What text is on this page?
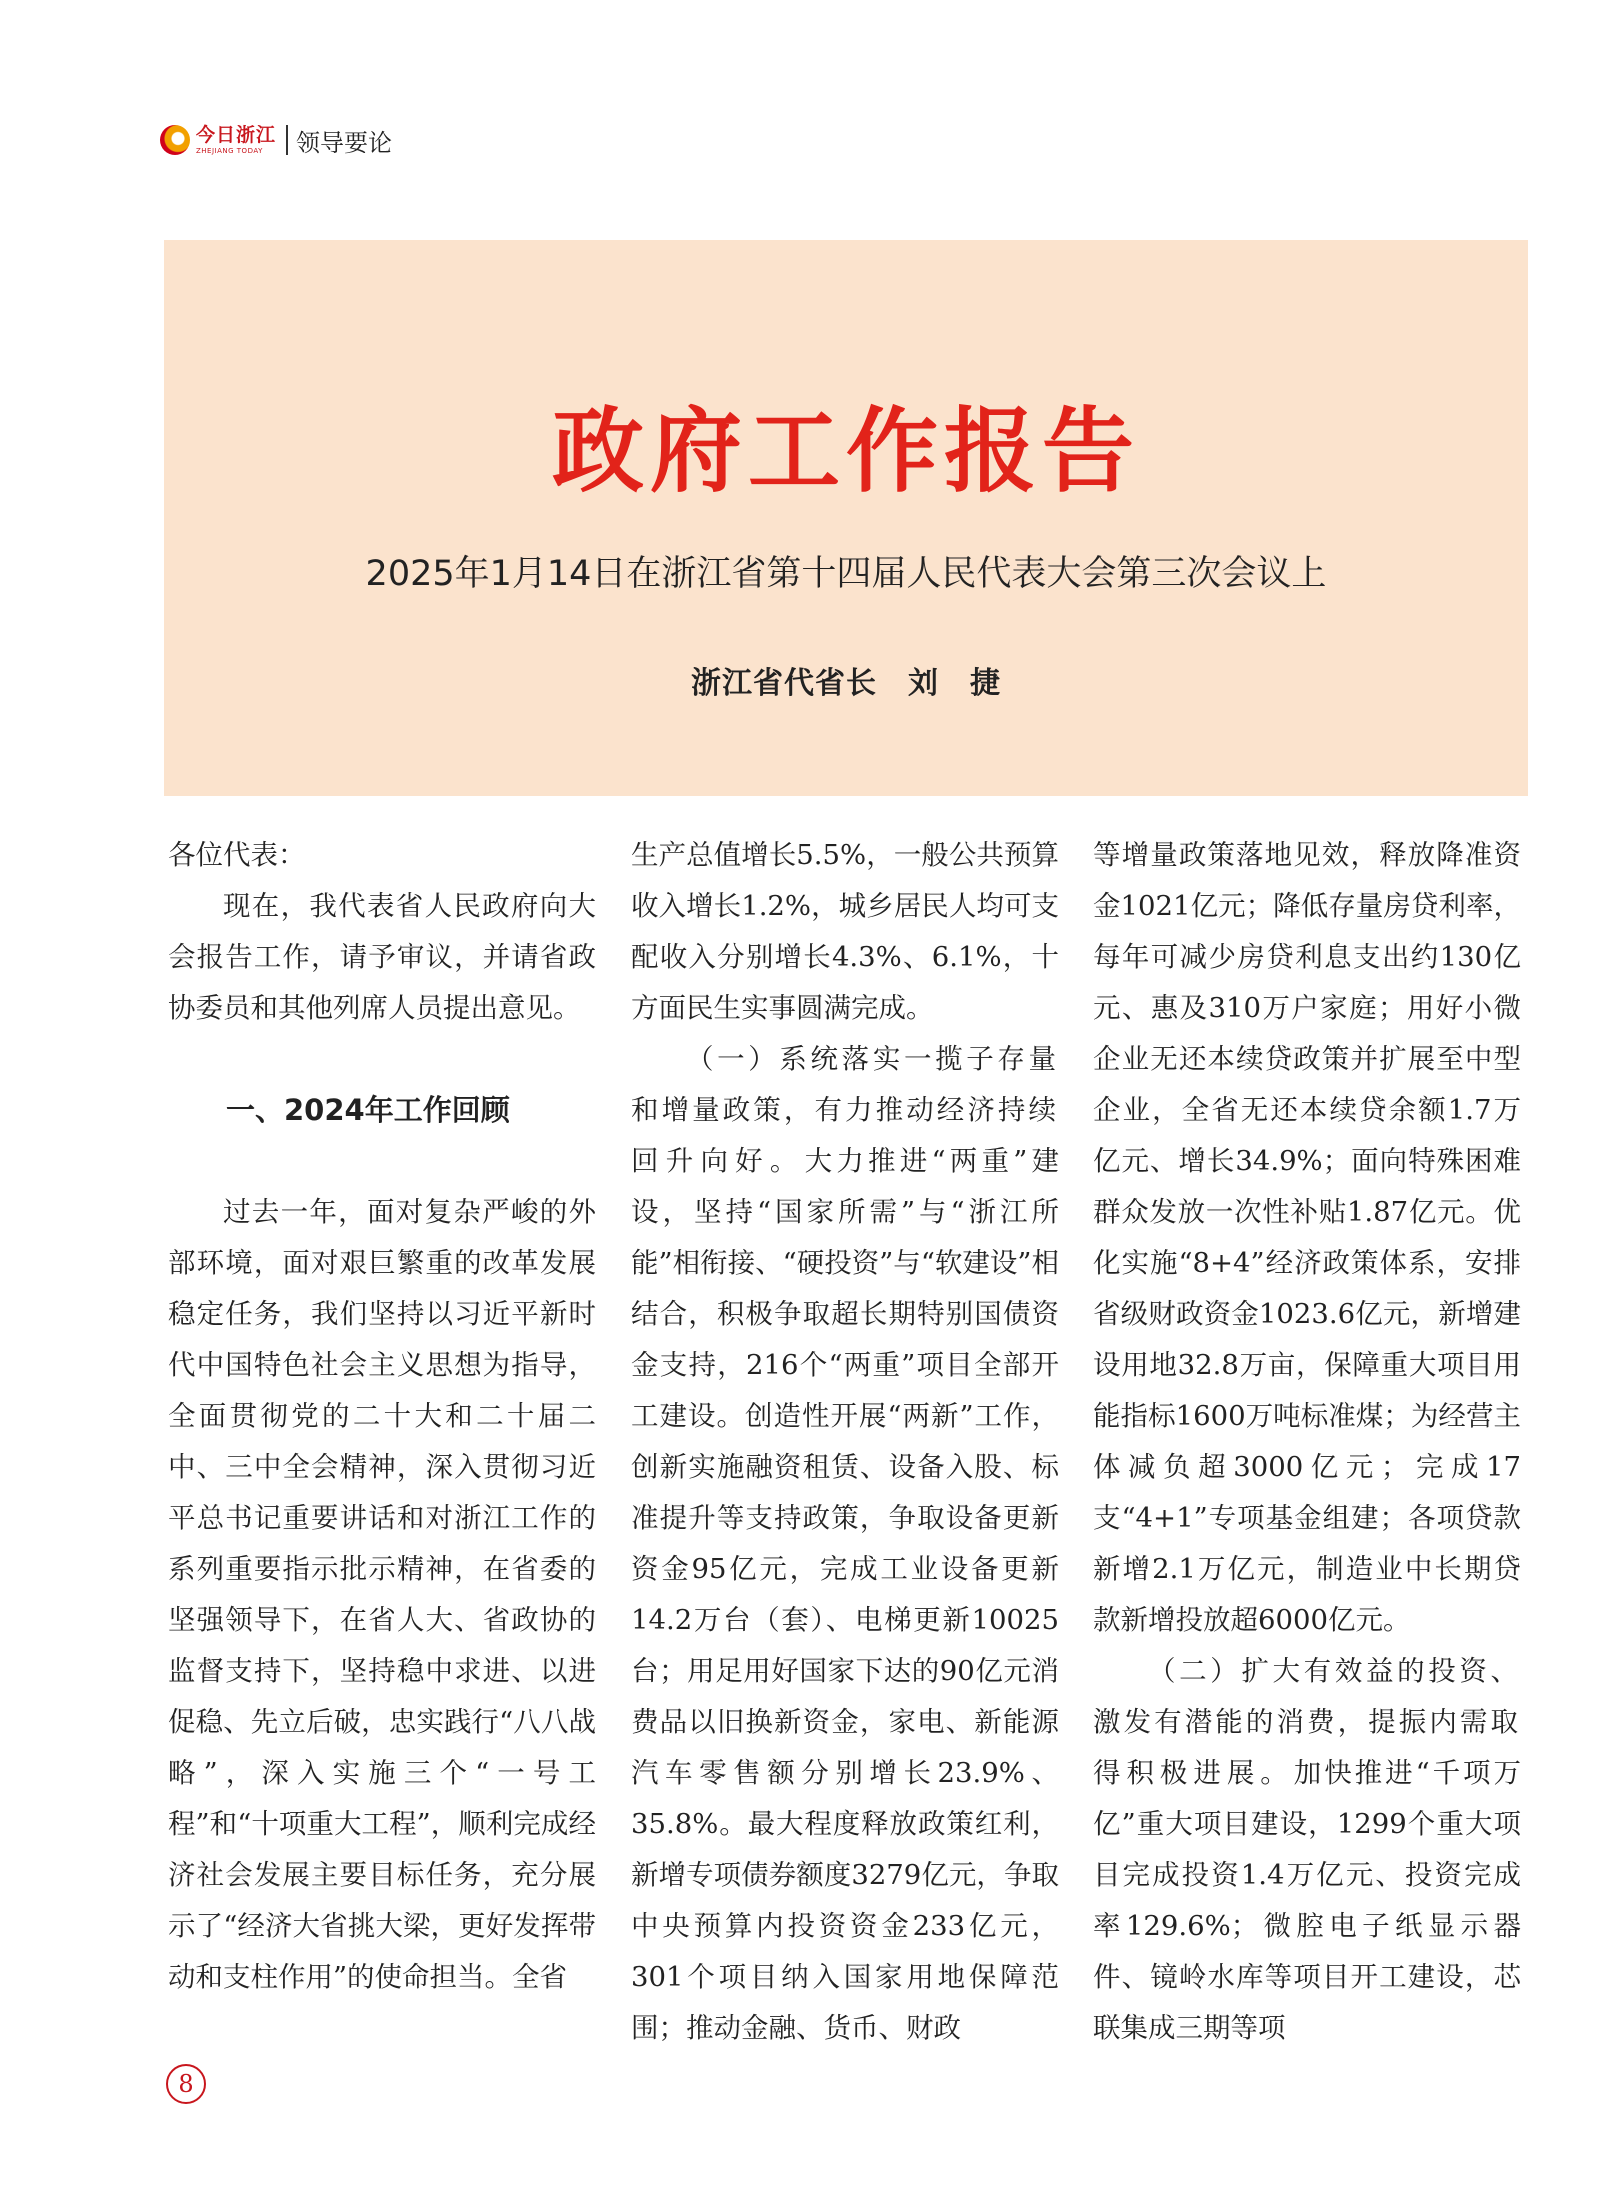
今日浙江
ZHEJIANG TODAY	领导要论
政府工作报告
2025年1月14日在浙江省第十四届人民代表大会第三次会议上
浙江省代省长　刘　捷

各位代表：

现在，我代表省人民政府向大会报告工作，请予审议，并请省政协委员和其他列席人员提出意见。

一、2024年工作回顾

过去一年，面对复杂严峻的外部环境，面对艰巨繁重的改革发展稳定任务，我们坚持以习近平新时代中国特色社会主义思想为指导，全面贯彻党的二十大和二十届二中、三中全会精神，深入贯彻习近平总书记重要讲话和对浙江工作的系列重要指示批示精神，在省委的坚强领导下，在省人大、省政协的监督支持下，坚持稳中求进、以进促稳、先立后破，忠实践行“八八战略”，深入实施三个“一号工程”和“十项重大工程”，顺利完成经济社会发展主要目标任务，充分展示了“经济大省挑大梁，更好发挥带动和支柱作用”的使命担当。全省

生产总值增长5.5%，一般公共预算收入增长1.2%，城乡居民人均可支配收入分别增长4.3%、6.1%，十方面民生实事圆满完成。

（一）系统落实一揽子存量和增量政策，有力推动经济持续回升向好。大力推进“两重”建设，坚持“国家所需”与“浙江所能”相衔接、“硬投资”与“软建设”相结合，积极争取超长期特别国债资金支持，216个“两重”项目全部开工建设。创造性开展“两新”工作，创新实施融资租赁、设备入股、标准提升等支持政策，争取设备更新资金95亿元，完成工业设备更新14.2万台（套）、电梯更新10025台；用足用好国家下达的90亿元消费品以旧换新资金，家电、新能源汽车零售额分别增长23.9%、35.8%。最大程度释放政策红利，新增专项债券额度3279亿元，争取中央预算内投资资金233亿元，301个项目纳入国家用地保障范围；推动金融、货币、财政

等增量政策落地见效，释放降准资金1021亿元；降低存量房贷利率，每年可减少房贷利息支出约130亿元、惠及310万户家庭；用好小微企业无还本续贷政策并扩展至中型企业，全省无还本续贷余额1.7万亿元、增长34.9%；面向特殊困难群众发放一次性补贴1.87亿元。优化实施“8+4”经济政策体系，安排省级财政资金1023.6亿元，新增建设用地32.8万亩，保障重大项目用能指标1600万吨标准煤；为经营主体减负超3000亿元；完成17支“4+1”专项基金组建；各项贷款新增2.1万亿元，制造业中长期贷款新增投放超6000亿元。

（二）扩大有效益的投资、激发有潜能的消费，提振内需取得积极进展。加快推进“千项万亿”重大项目建设，1299个重大项目完成投资1.4万亿元、投资完成率129.6%；微腔电子纸显示器件、镜岭水库等项目开工建设，芯联集成三期等项

8
